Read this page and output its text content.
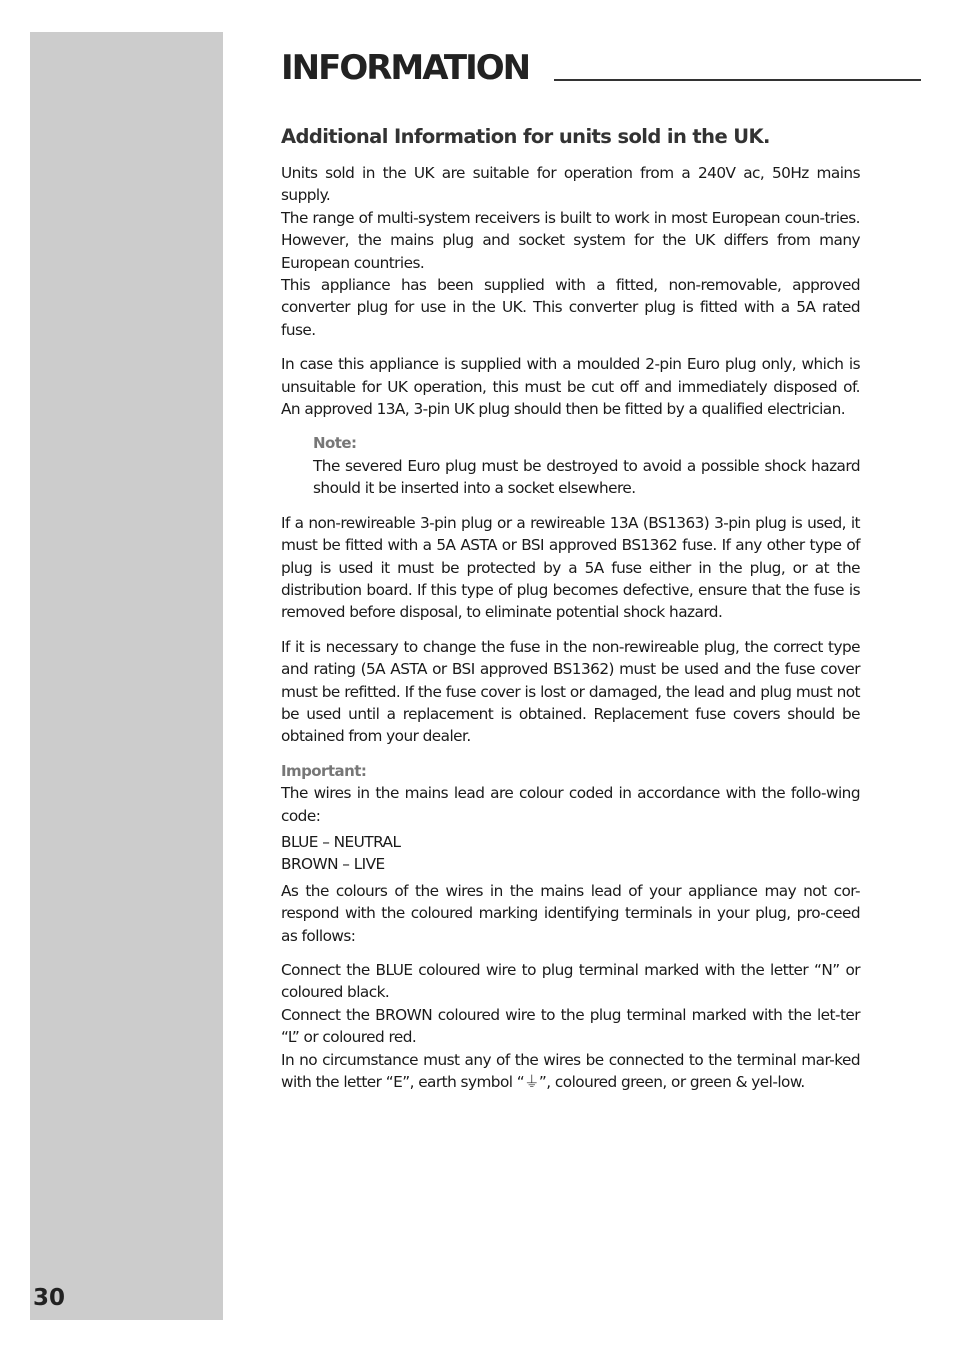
30
INFORMATION
Additional Information for units sold in the UK.

Units sold in the UK are suitable for operation from a 240V ac, 50Hz mains supply.

The range of multi-system receivers is built to work in most European coun-tries. However, the mains plug and socket system for the UK differs from many European countries.

This appliance has been supplied with a fitted, non-removable, approved converter plug for use in the UK. This converter plug is fitted with a 5A rated fuse.

In case this appliance is supplied with a moulded 2-pin Euro plug only, which is unsuitable for UK operation, this must be cut off and immediately disposed of. An approved 13A, 3-pin UK plug should then be fitted by a qualified electrician.

Note:

The severed Euro plug must be destroyed to avoid a possible shock hazard should it be inserted into a socket elsewhere.

If a non-rewireable 3-pin plug or a rewireable 13A (BS1363) 3-pin plug is used, it must be fitted with a 5A ASTA or BSI approved BS1362 fuse. If any other type of plug is used it must be protected by a 5A fuse either in the plug, or at the distribution board. If this type of plug becomes defective, ensure that the fuse is removed before disposal, to eliminate potential shock hazard.

If it is necessary to change the fuse in the non-rewireable plug, the correct type and rating (5A ASTA or BSI approved BS1362) must be used and the fuse cover must be refitted. If the fuse cover is lost or damaged, the lead and plug must not be used until a replacement is obtained. Replacement fuse covers should be obtained from your dealer.

Important:

The wires in the mains lead are colour coded in accordance with the follo-wing code:

BLUE – NEUTRAL
BROWN – LIVE

As the colours of the wires in the mains lead of your appliance may not cor-respond with the coloured marking identifying terminals in your plug, pro-ceed as follows:

Connect the BLUE coloured wire to plug terminal marked with the letter “N” or coloured black.

Connect the BROWN coloured wire to the plug terminal marked with the let-ter “L” or coloured red.

In no circumstance must any of the wires be connected to the terminal mar-ked with the letter “E”, earth symbol “⏚”, coloured green, or green & yel-low.
